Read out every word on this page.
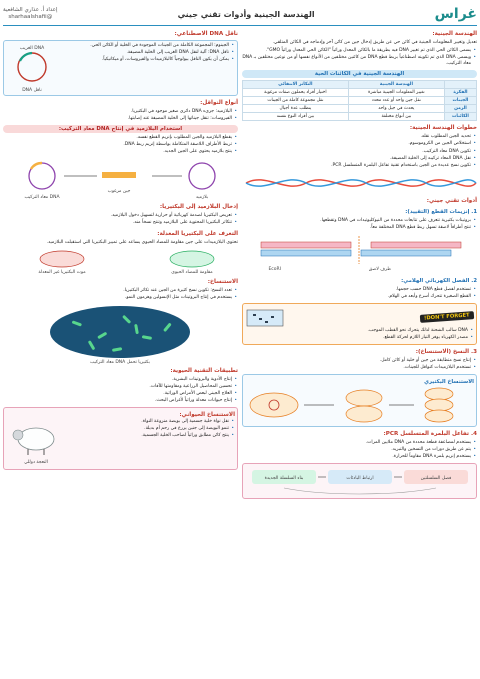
غراس
الهندسة الجينية وأدوات تقني جيني
إعداد أ. عذاري الشافعية
@sharhaalshafii
الهندسة الجينية:

تعديل وتغيير المعلومات الجينية في كائن حي عن طريق إدخال جين من كائن آخر وإدماجه في الكائن المتلقي.

• يسمى الكائن الحي الذي تم تغيير DNA فيه بطريقة ما بالكائن المعدل وراثياً "الكائن الحي المعدل وراثياً GMO".
• ويسمى DNA الذي تم تكوينه اصطناعياً بربط قطع DNA من كائنين مختلفين من الأنواع نفسها أو من نوعين مختلفين بـ DNA معاد التركيب.
الهندسة الجينية في الكائنات الحية
	الهندسة الجينية	التكاثر الانتقائي
الفكرة	تغيير المعلومات الجينية مباشرة	اختيار أفراد يحملون صفات مرغوبة
الجينات	نقل جين واحد أو عدد محدد	نقل مجموعة كاملة من الجينات
الزمن	يحدث في جيل واحد	يتطلب عدة أجيال
الكائنات	بين أنواع مختلفة	بين أفراد النوع نفسه
خطوات الهندسة الجينية:
• تحديد الجين المطلوب نقله.
• استخلاص الجين من الكروموسوم.
• تكوين DNA معاد التركيب.
• نقل DNA المعاد تركيبه إلى الخلية المضيفة.
• تكوين نسخ عديدة من الجين باستخدام تقنية تفاعل البلمرة المتسلسل PCR.
أدوات تقني جيني:
1. إنزيمات القطع (التقييد):
• بروتينات بكتيرية تتعرف على تتابعات محددة من النيوكليوتيدات في DNA وتقطعها.
• تنتج أطرافاً لاصقة تسهل ربط قطع DNA المختلفة معاً.
طرف لاصق
EcoRI
2. الفصل الكهربائي الهلامي:
• تستخدم لفصل قطع DNA حسب حجمها.
• القطع الصغيرة تتحرك أسرع وأبعد في الهلام.
DON'T FORGET!
• DNA سالب الشحنة لذلك يتحرك نحو القطب الموجب.
• مصدر الكهرباء يوفر التيار اللازم لحركة القطع.
3. النسخ (الاستنساخ):
• إنتاج نسخ متطابقة من جين أو خلية أو كائن كامل.
• تستخدم البلازميدات كنواقل للجينات.
الاستنساخ البكتيري
4. تفاعل البلمرة المتسلسل PCR:
• يستخدم لمضاعفة قطعة محددة من DNA ملايين المرات.
• يتم عن طريق دورات من التسخين والتبريد.
• يستخدم إنزيم بلمرة DNA مقاوماً للحرارة.
فصل السلسلتين
ارتباط البادئات
بناء السلسلة الجديدة
ناقل DNA الاصطناعي:
• الجينوم: المجموعة الكاملة من الجينات الموجودة في الخلية أو الكائن الحي.
• ناقل DNA: آلية لنقل DNA الغريب إلى الخلية المضيفة.
• يمكن أن يكون الناقل بيولوجياً كالبلازميدات والفيروسات، أو ميكانيكياً.
ناقل DNA
DNA الغريب
أنواع النواقل:
• البلازميد: جزيء DNA دائري صغير موجود في البكتيريا.
• الفيروسات: تنقل جيناتها إلى الخلية المضيفة عند إصابتها.
استخدام البلازميد في إنتاج DNA معاد التركيب:
• يقطع البلازميد والجين المطلوب بإنزيم القطع نفسه.
• تربط الأطراف اللاصقة المتكاملة بواسطة إنزيم ربط DNA.
• ينتج بلازميد يحتوي على الجين الجديد.
بلازميد
جين مرغوب
DNA معاد التركيب
إدخال البلازميد إلى البكتيريا:
• تعريض البكتيريا لصدمة كهربائية أو حرارية لتسهيل دخول البلازميد.
• تتكاثر البكتيريا المحتوية على البلازميد وتنتج نسخاً منه.
التعرف على البكتيريا المعدلة:

تحتوي البلازميدات على جين مقاومة للمضاد الحيوي يساعد على تمييز البكتيريا التي استقبلت البلازميد.

مقاومة للمضاد الحيوي
موت البكتيريا غير المعدلة
الاستنساخ:
• تعدد النسخ: تكوين نسخ كثيرة من الجين عند تكاثر البكتيريا.
• يستخدم في إنتاج البروتينات مثل الإنسولين وهرمون النمو.
بكتيريا تحمل DNA معاد التركيب
تطبيقات التقنية الحيوية:
• إنتاج الأدوية والبروتينات البشرية.
• تحسين المحاصيل الزراعية ومقاومتها للآفات.
• العلاج الجيني لبعض الأمراض الوراثية.
• إنتاج حيوانات معدلة وراثياً لأغراض البحث.
الاستنساخ الحيواني:
• نقل نواة خلية جسمية إلى بويضة منزوعة النواة.
• تنمو البويضة إلى جنين يزرع في رحم أم بديلة.
• ينتج كائن مطابق وراثياً لصاحب الخلية الجسمية.
النعجة دوللي
